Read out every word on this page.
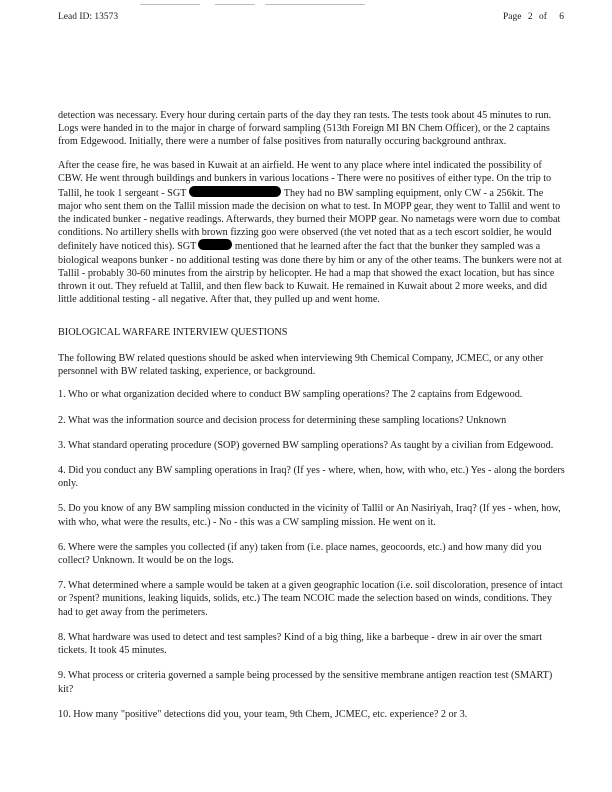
Lead ID: 13573	Page 2 of 6

detection was necessary. Every hour during certain parts of the day they ran tests. The tests took about 45 minutes to run. Logs were handed in to the major in charge of forward sampling (513th Foreign MI BN Chem Officer), or the 2 captains from Edgewood. Initially, there were a number of false positives from naturally occuring background anthrax.

After the cease fire, he was based in Kuwait at an airfield. He went to any place where intel indicated the possibility of CBW. He went through buildings and bunkers in various locations - There were no positives of either type. On the trip to Tallil, he took 1 sergeant - SGT	They had no BW sampling equipment, only CW - a 256kit. The major who sent them on the Tallil mission made the decision on what to test. In MOPP gear, they went to Tallil and went to the indicated bunker - negative readings. Afterwards, they burned their MOPP gear. No nametags were worn due to combat conditions. No artillery shells with brown fizzing goo were observed (the vet noted that as a tech escort soldier, he would definitely have noticed this). SGT	mentioned that he learned after the fact that the bunker they sampled was a biological weapons bunker - no additional testing was done there by him or any of the other teams. The bunkers were not at Tallil - probably 30-60 minutes from the airstrip by helicopter. He had a map that showed the exact location, but has since thrown it out. They refueld at Tallil, and then flew back to Kuwait. He remained in Kuwait about 2 more weeks, and did little additional testing - all negative. After that, they pulled up and went home.

BIOLOGICAL WARFARE INTERVIEW QUESTIONS

The following BW related questions should be asked when interviewing 9th Chemical Company, JCMEC, or any other personnel with BW related tasking, experience, or background.

1. Who or what organization decided where to conduct BW sampling operations? The 2 captains from Edgewood.

2. What was the information source and decision process for determining these sampling locations? Unknown

3. What standard operating procedure (SOP) governed BW sampling operations? As taught by a civilian from Edgewood.

4. Did you conduct any BW sampling operations in Iraq? (If yes - where, when, how, with who, etc.) Yes - along the borders only.

5. Do you know of any BW sampling mission conducted in the vicinity of Tallil or An Nasiriyah, Iraq? (If yes - when, how, with who, what were the results, etc.) - No - this was a CW sampling mission. He went on it.

6. Where were the samples you collected (if any) taken from (i.e. place names, geocoords, etc.) and how many did you collect? Unknown. It would be on the logs.

7. What determined where a sample would be taken at a given geographic location (i.e. soil discoloration, presence of intact or ?spent? munitions, leaking liquids, solids, etc.) The team NCOIC made the selection based on winds, conditions. They had to get away from the perimeters.

8. What hardware was used to detect and test samples? Kind of a big thing, like a barbeque - drew in air over the smart tickets. It took 45 minutes.

9. What process or criteria governed a sample being processed by the sensitive membrane antigen reaction test (SMART) kit?

10. How many "positive" detections did you, your team, 9th Chem, JCMEC, etc. experience? 2 or 3.
